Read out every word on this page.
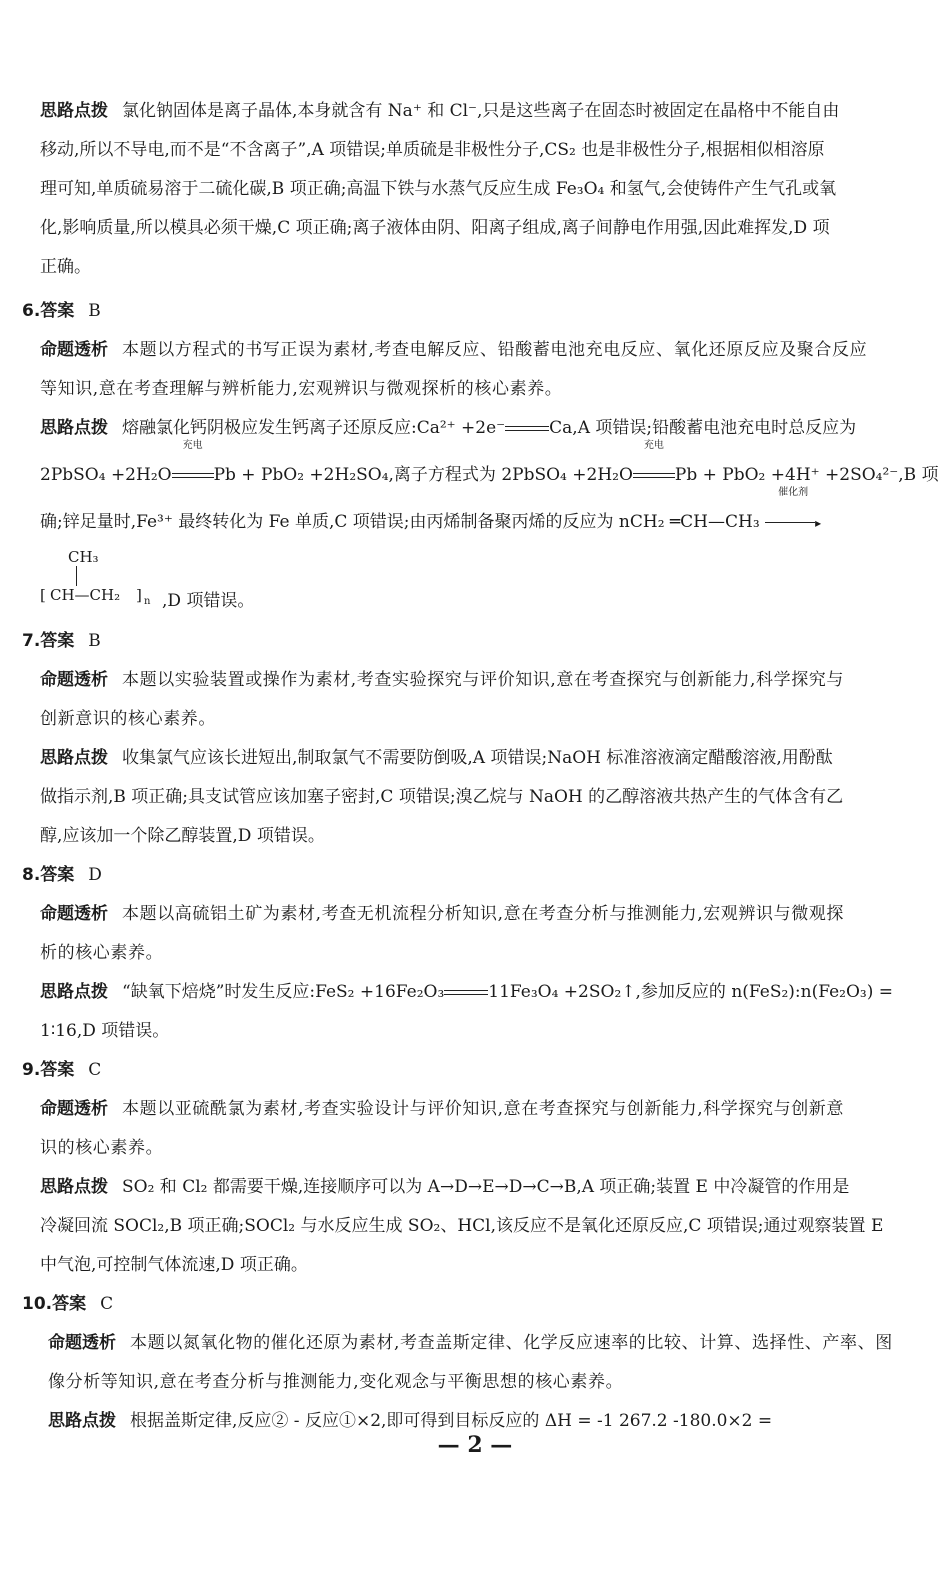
思路点拨 氯化钠固体是离子晶体,本身就含有 Na⁺ 和 Cl⁻,只是这些离子在固态时被固定在晶格中不能自由
移动,所以不导电,而不是“不含离子”,A 项错误;单质硫是非极性分子,CS₂ 也是非极性分子,根据相似相溶原
理可知,单质硫易溶于二硫化碳,B 项正确;高温下铁与水蒸气反应生成 Fe₃O₄ 和氢气,会使铸件产生气孔或氧
化,影响质量,所以模具必须干燥,C 项正确;离子液体由阴、阳离子组成,离子间静电作用强,因此难挥发,D 项
正确。
6.答案 B
命题透析 本题以方程式的书写正误为素材,考查电解反应、铅酸蓄电池充电反应、氧化还原反应及聚合反应
等知识,意在考查理解与辨析能力,宏观辨识与微观探析的核心素养。
思路点拨 熔融氯化钙阴极应发生钙离子还原反应:Ca²⁺ +2e⁻	Ca,A 项错误;铅酸蓄电池充电时总反应为
2PbSO₄ +2H₂O
充电
Pb + PbO₂ +2H₂SO₄,离子方程式为 2PbSO₄ +2H₂O
充电
Pb + PbO₂ +4H⁺ +2SO₄²⁻,B 项
确;锌足量时,Fe³⁺ 最终转化为 Fe 单质,C 项错误;由丙烯制备聚丙烯的反应为 nCH₂ ═CH—CH₃
催化剂
▸
CH₃
[ CH—CH₂ ] n ,D 项错误。
7.答案 B
命题透析 本题以实验装置或操作为素材,考查实验探究与评价知识,意在考查探究与创新能力,科学探究与
创新意识的核心素养。
思路点拨 收集氯气应该长进短出,制取氯气不需要防倒吸,A 项错误;NaOH 标准溶液滴定醋酸溶液,用酚酞
做指示剂,B 项正确;具支试管应该加塞子密封,C 项错误;溴乙烷与 NaOH 的乙醇溶液共热产生的气体含有乙
醇,应该加一个除乙醇装置,D 项错误。
8.答案 D
命题透析 本题以高硫铝土矿为素材,考查无机流程分析知识,意在考查分析与推测能力,宏观辨识与微观探
析的核心素养。
思路点拨 “缺氧下焙烧”时发生反应:FeS₂ +16Fe₂O₃	11Fe₃O₄ +2SO₂↑,参加反应的 n(FeS₂):n(Fe₂O₃) =
1∶16,D 项错误。
9.答案 C
命题透析 本题以亚硫酰氯为素材,考查实验设计与评价知识,意在考查探究与创新能力,科学探究与创新意
识的核心素养。
思路点拨 SO₂ 和 Cl₂ 都需要干燥,连接顺序可以为 A→D→E→D→C→B,A 项正确;装置 E 中冷凝管的作用是
冷凝回流 SOCl₂,B 项正确;SOCl₂ 与水反应生成 SO₂、HCl,该反应不是氧化还原反应,C 项错误;通过观察装置 E
中气泡,可控制气体流速,D 项正确。
10.答案 C
命题透析 本题以氮氧化物的催化还原为素材,考查盖斯定律、化学反应速率的比较、计算、选择性、产率、图
像分析等知识,意在考查分析与推测能力,变化观念与平衡思想的核心素养。
思路点拨 根据盖斯定律,反应② - 反应①×2,即可得到目标反应的 ΔH = -1 267.2 -180.0×2 =
— 2 —
